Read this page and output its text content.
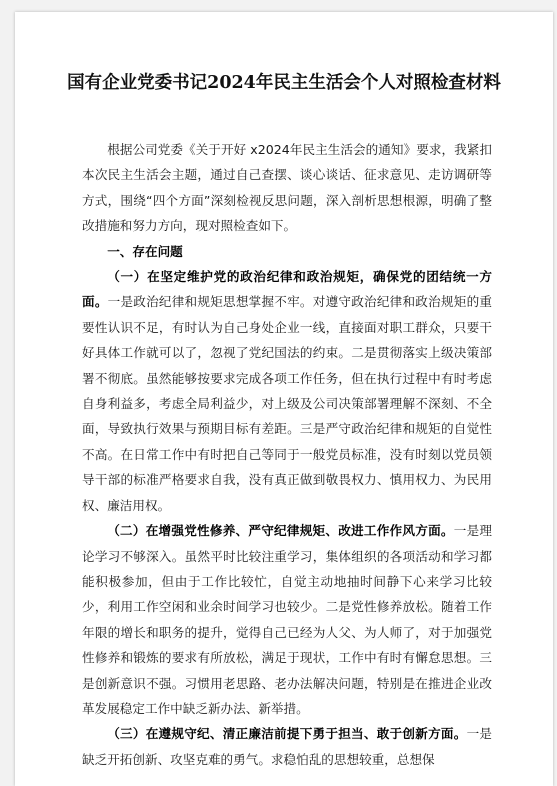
国有企业党委书记2024年民主生活会个人对照检查材料

根据公司党委《关于开好 x2024年民主生活会的通知》要求，我紧扣本次民主生活会主题，通过自己查摆、谈心谈话、征求意见、走访调研等方式，围绕“四个方面”深刻检视反思问题，深入剖析思想根源，明确了整改措施和努力方向，现对照检查如下。

一、存在问题

（一）在坚定维护党的政治纪律和政治规矩，确保党的团结统一方面。一是政治纪律和规矩思想掌握不牢。对遵守政治纪律和政治规矩的重要性认识不足，有时认为自己身处企业一线，直接面对职工群众，只要干好具体工作就可以了，忽视了党纪国法的约束。二是贯彻落实上级决策部署不彻底。虽然能够按要求完成各项工作任务，但在执行过程中有时考虑自身利益多，考虑全局利益少，对上级及公司决策部署理解不深刻、不全面，导致执行效果与预期目标有差距。三是严守政治纪律和规矩的自觉性不高。在日常工作中有时把自己等同于一般党员标准，没有时刻以党员领导干部的标准严格要求自我，没有真正做到敬畏权力、慎用权力、为民用权、廉洁用权。

（二）在增强党性修养、严守纪律规矩、改进工作作风方面。一是理论学习不够深入。虽然平时比较注重学习，集体组织的各项活动和学习都能积极参加，但由于工作比较忙，自觉主动地抽时间静下心来学习比较少，利用工作空闲和业余时间学习也较少。二是党性修养放松。随着工作年限的增长和职务的提升，觉得自己已经为人父、为人师了，对于加强党性修养和锻炼的要求有所放松，满足于现状，工作中有时有懈怠思想。三是创新意识不强。习惯用老思路、老办法解决问题，特别是在推进企业改革发展稳定工作中缺乏新办法、新举措。

（三）在遵规守纪、清正廉洁前提下勇于担当、敢于创新方面。一是缺乏开拓创新、攻坚克难的勇气。求稳怕乱的思想较重，总想保
